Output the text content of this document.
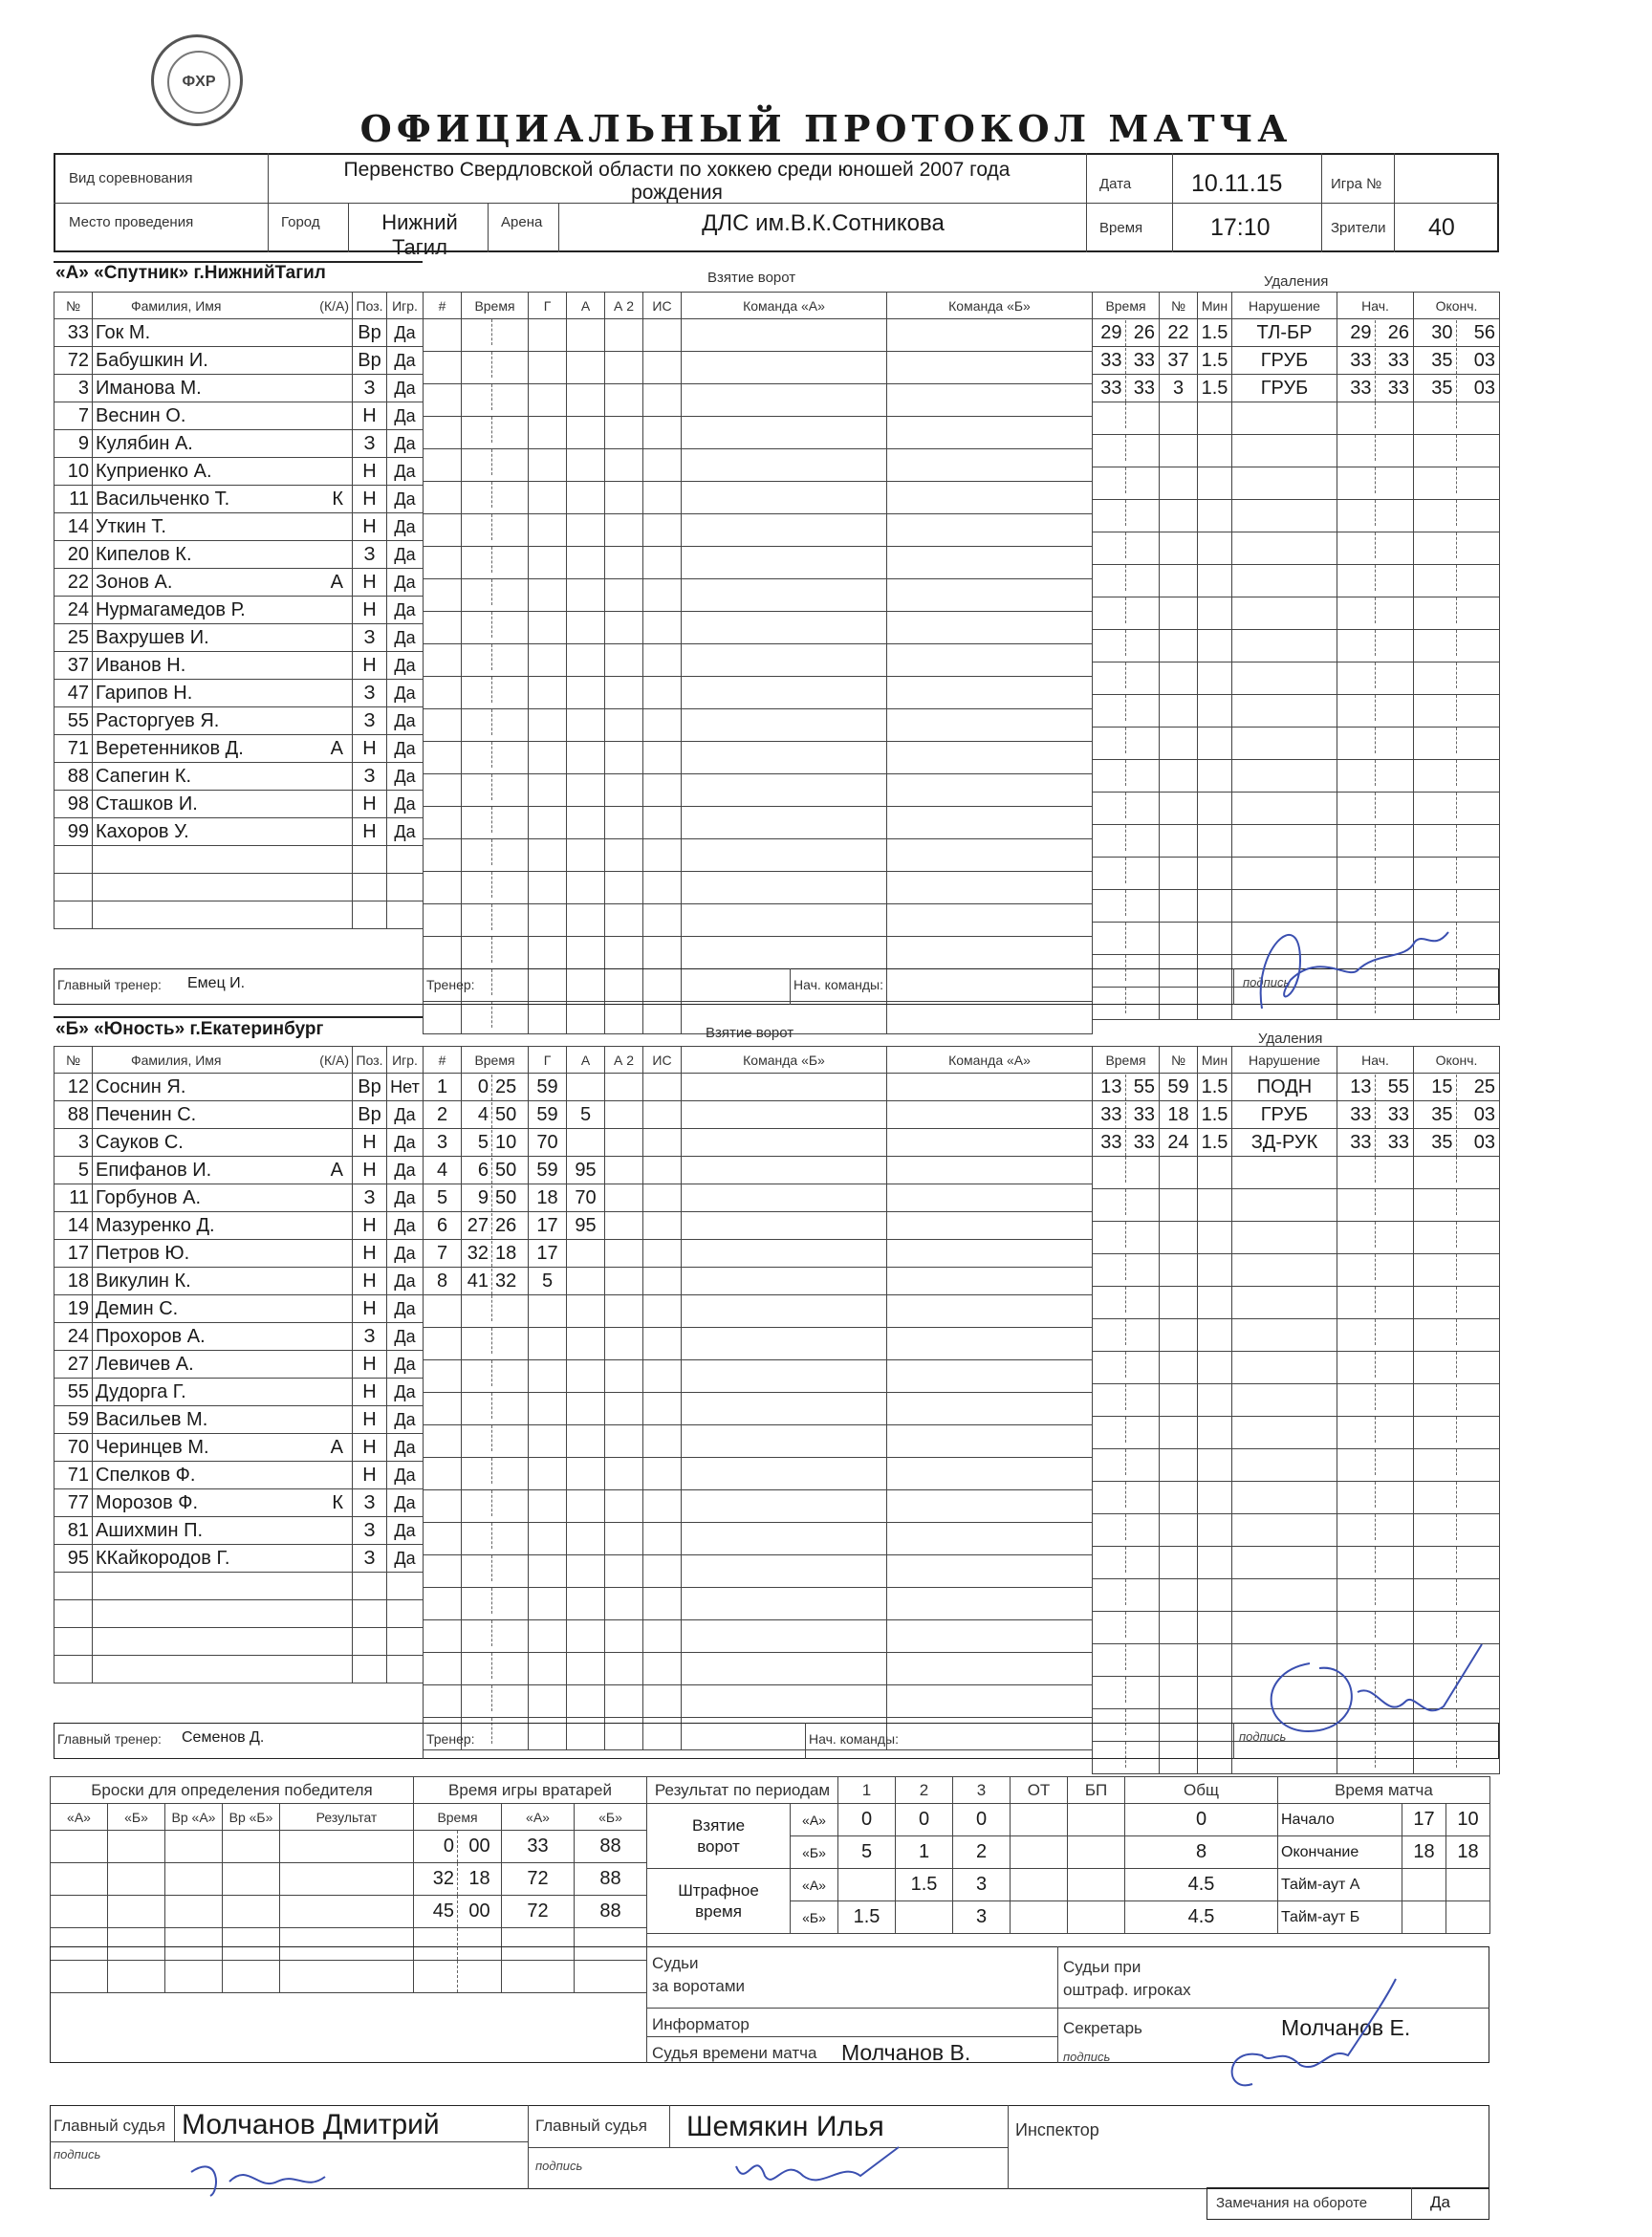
ФХР
ОФИЦИАЛЬНЫЙ ПРОТОКОЛ МАТЧА
Вид соревнования	Первенство Свердловской области по хоккею среди юношей 2007 года
рождения	Дата	10.11.15	Игра №
Место проведения	Город	Нижний Тагил
Арена	ДЛС им.В.К.Сотникова	Время	17:10	Зрители 40
«А» «Спутник» г.НижнийТагил	Взятие ворот	Удаления
№	Фамилия, Имя (К/А)	Поз.	Игр.
33	Гок М.	Вр	Да
72	Бабушкин И.	Вр	Да
3	Иманова М.	З	Да
7	Веснин О.	Н	Да
9	Кулябин А.	З	Да
10	Куприенко А.	Н	Да
11	Васильченко Т. К	Н	Да
14	Уткин Т.	Н	Да
20	Кипелов К.	З	Да
22	Зонов А. А	Н	Да
24	Нурмагамедов Р.	Н	Да
25	Вахрушев И.	З	Да
37	Иванов Н.	Н	Да
47	Гарипов Н.	З	Да
55	Расторгуев Я.	З	Да
71	Веретенников Д. А	Н	Да
88	Сапегин К.	З	Да
98	Сташков И.	Н	Да
99	Кахоров У.	Н	Да

#	Время	Г	А	А 2	ИС	Команда «А»	Команда «Б»

								Время	№	Мин	Нарушение	Нач.	Оконч.
29 26	22	1.5	ТЛ-БР	29 26	30 56
33 33	37	1.5	ГРУБ	33 33	35 03
33 33	3	1.5	ГРУБ	33 33	35 03

Главный тренер: Емец И.	Тренер:	Нач. команды:	подпись
«Б» «Юность» г.Екатеринбург	Взятие ворот	Удаления
№	Фамилия, Имя (К/А)	Поз.	Игр.
12	Соснин Я.	Вр	Нет
88	Печенин С.	Вр	Да
3	Сауков С.	Н	Да
5	Епифанов И. А	Н	Да
11	Горбунов А.	З	Да
14	Мазуренко Д.	Н	Да
17	Петров Ю.	Н	Да
18	Викулин К.	Н	Да
19	Демин С.	Н	Да
24	Прохоров А.	З	Да
27	Левичев А.	Н	Да
55	Дудорга Г.	Н	Да
59	Васильев М.	Н	Да
70	Черинцев М. А	Н	Да
71	Спелков Ф.	Н	Да
77	Морозов Ф. К	З	Да
81	Ашихмин П.	З	Да
95	ККайкородов Г.	З	Да

#	Время	Г	А	А 2	ИС	Команда «Б»	Команда «А»
1	0 25	59					
2	4 50	59	5				
3	5 10	70					
4	6 50	59	95				
5	9 50	18	70				
6	27 26	17	95				
7	32 18	17					
8	41 32	5					

Время	№	Мин	Нарушение	Нач.	Оконч.
13 55	59	1.5	ПОДН	13 55	15 25
33 33	18	1.5	ГРУБ	33 33	35 03
33 33	24	1.5	ЗД-РУК	33 33	35 03

Главный тренер: Семенов Д.	Тренер:	Нач. команды:	подпись
Броски для определения победителя				
«А»	«Б»	Вр «А»	Вр «Б»	Результат

Время игры вратарей			
Время		«А»	«Б»
0	00	33	88
32	18	72	88
45	00	72	88

Результат по периодам		1	2	3	ОТ	БП	Общ

Взятие
ворот	«А»	0	0	0			0
	«Б»	5	1	2			8

Штрафное
время	«А»		1.5	3			4.5
	«Б»	1.5		3			4.5
Время матча		
Начало	17	10
Окончание	18	18
Тайм-аут А		
Тайм-аут Б		
Судьи
за воротами
Судьи при
оштраф. игроках
Информатор	Секретарь	Молчанов Е.
Судья времени матча Молчанов В.	подпись
Главный судья Молчанов Дмитрий
подпись
Главный судья Шемякин Илья
подпись
Инспектор
Замечания на обороте	Да
